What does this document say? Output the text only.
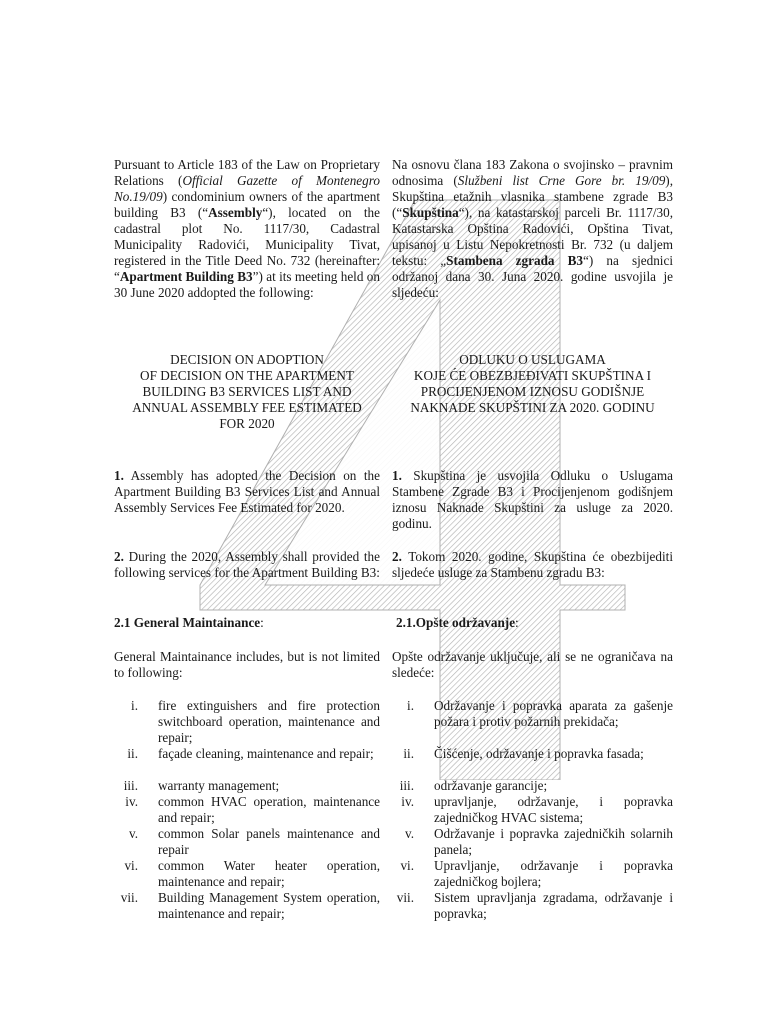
Pursuant to Article 183 of the Law on Proprietary Relations (Official Gazette of Montenegro No.19/09) condominium owners of the apartment building B3 (“Assembly“), located on the cadastral plot No. 1117/30, Cadastral Municipality Radovići, Municipality Tivat, registered in the Title Deed No. 732 (hereinafter: “Apartment Building B3”) at its meeting held on 30 June 2020 addopted the following:
Na osnovu člana 183 Zakona o svojinsko – pravnim odnosima (Službeni list Crne Gore br. 19/09), Skupština etažnih vlasnika stambene zgrade B3 (“Skupština“), na katastarskoj parceli Br. 1117/30, Katastarska Opština Radovići, Opština Tivat, upisanoj u Listu Nepokretnosti Br. 732 (u daljem tekstu: „Stambena zgrada B3“) na sjednici održanoj dana 30. Juna 2020. godine usvojila je sljedeću:
DECISION ON ADOPTION
OF DECISION ON THE APARTMENT
BUILDING B3 SERVICES LIST AND
ANNUAL ASSEMBLY FEE ESTIMATED
FOR 2020
ODLUKU O USLUGAMA
KOJE ĆE OBEZBJEĐIVATI SKUPŠTINA I
PROCIJENJENOM IZNOSU GODIŠNJE
NAKNADE SKUPŠTINI ZA 2020. GODINU
1. Assembly has adopted the Decision on the Apartment Building B3 Services List and Annual Assembly Services Fee Estimated for 2020.
1. Skupština je usvojila Odluku o Uslugama Stambene Zgrade B3 i Procijenjenom godišnjem iznosu Naknade Skupštini za usluge za 2020. godinu.
2. During the 2020, Assembly shall provided the following services for the Apartment Building B3:
2. Tokom 2020. godine, Skupština će obezbijediti sljedeće usluge za Stambenu zgradu B3:
2.1 General Maintainance:	2.1.Opšte održavanje:
General Maintainance includes, but is not limited to following:
Opšte održavanje uključuje, ali se ne ograničava na sledeće:
i. fire extinguishers and fire protection switchboard operation, maintenance and repair;
ii. façade cleaning, maintenance and repair;
iii. warranty management;
iv. common HVAC operation, maintenance and repair;
v. common Solar panels maintenance and repair
vi. common Water heater operation, maintenance and repair;
vii. Building Management System operation, maintenance and repair;
i. Održavanje i popravka aparata za gašenje požara i protiv požarnih prekidača;
ii. Čišćenje, održavanje i popravka fasada;
iii. održavanje garancije;
iv. upravljanje, održavanje, i popravka zajedničkog HVAC sistema;
v. Održavanje i popravka zajedničkih solarnih panela;
vi. Upravljanje, održavanje i popravka zajedničkog bojlera;
vii. Sistem upravljanja zgradama, održavanje i popravka;
